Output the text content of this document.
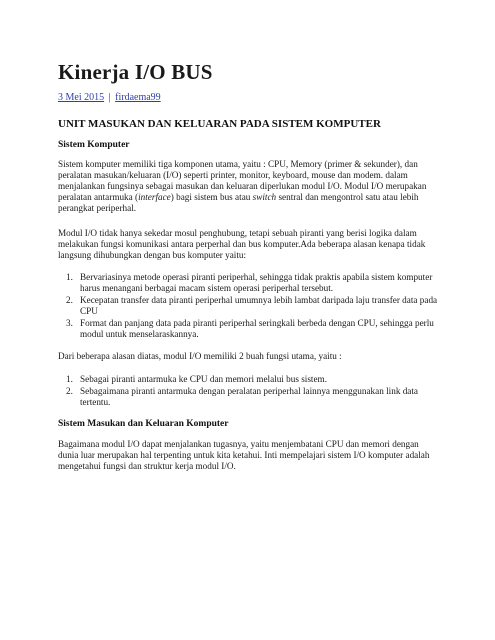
Kinerja I/O BUS
3 Mei 2015 | firdaema99
UNIT MASUKAN DAN KELUARAN PADA SISTEM KOMPUTER
Sistem Komputer

Sistem komputer memiliki tiga komponen utama, yaitu : CPU, Memory (primer & sekunder), dan peralatan masukan/keluaran (I/O) seperti printer, monitor, keyboard, mouse dan modem. dalam menjalankan fungsinya sebagai masukan dan keluaran diperlukan modul I/O. Modul I/O merupakan peralatan antarmuka (interface) bagi sistem bus atau switch sentral dan mengontrol satu atau lebih perangkat periperhal.

Modul I/O tidak hanya sekedar mosul penghubung, tetapi sebuah piranti yang berisi logika dalam melakukan fungsi komunikasi antara perperhal dan bus komputer.Ada beberapa alasan kenapa tidak langsung dihubungkan dengan bus komputer yaitu:

1. Bervariasinya metode operasi piranti periperhal, sehingga tidak praktis apabila sistem komputer harus menangani berbagai macam sistem operasi periperhal tersebut.
2. Kecepatan transfer data piranti periperhal umumnya lebih lambat daripada laju transfer data pada CPU
3. Format dan panjang data pada piranti periperhal seringkali berbeda dengan CPU, sehingga perlu modul untuk menselaraskannya.

Dari beberapa alasan diatas, modul I/O memiliki 2 buah fungsi utama, yaitu :

1. Sebagai piranti antarmuka ke CPU dan memori melalui bus sistem.
2. Sebagaimana piranti antarmuka dengan peralatan periperhal lainnya menggunakan link data tertentu.
Sistem Masukan dan Keluaran Komputer

Bagaimana modul I/O dapat menjalankan tugasnya, yaitu menjembatani CPU dan memori dengan dunia luar merupakan hal terpenting untuk kita ketahui. Inti mempelajari sistem I/O komputer adalah mengetahui fungsi dan struktur kerja modul I/O.
